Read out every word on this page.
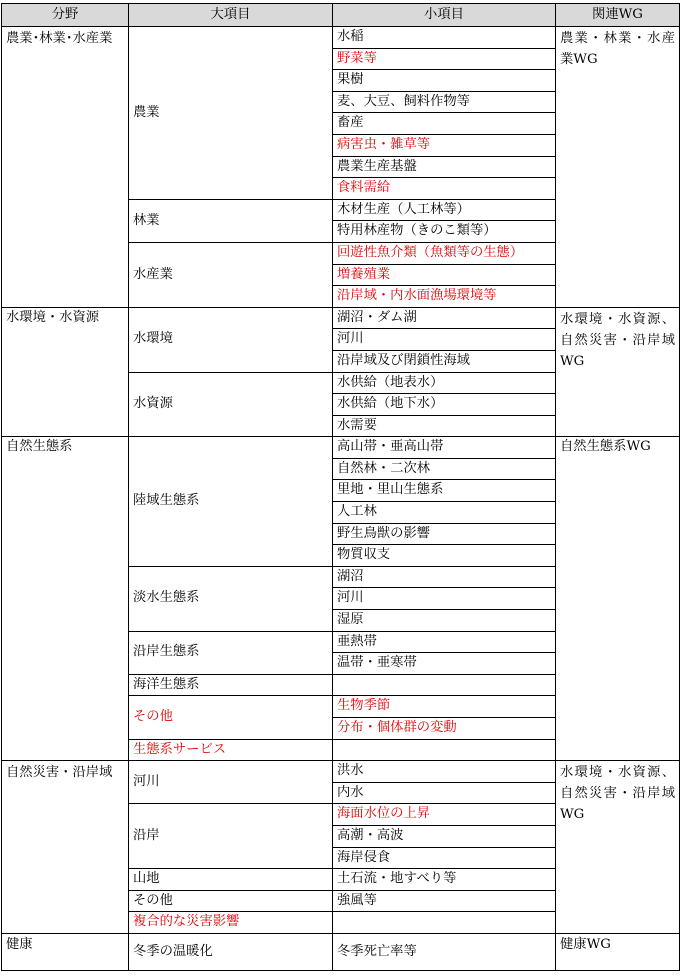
分野	大項目	小項目	関連WG
農業･林業･水産業	農業	水稲	農業・林業・水産業WG
		野菜等	
		果樹	
		麦、大豆、飼料作物等	
		畜産	
		病害虫・雑草等	
		農業生産基盤	
		食料需給	
	林業	木材生産（人工林等）	
		特用林産物（きのこ類等）	
	水産業	回遊性魚介類（魚類等の生態）	
		増養殖業	
		沿岸域・内水面漁場環境等	
水環境・水資源	水環境	湖沼・ダム湖	水環境・水資源、自然災害・沿岸域WG
		河川	
		沿岸域及び閉鎖性海域	
	水資源	水供給（地表水）	
		水供給（地下水）	
		水需要	
自然生態系	陸域生態系	高山帯・亜高山帯	自然生態系WG
		自然林・二次林	
		里地・里山生態系	
		人工林	
		野生鳥獣の影響	
		物質収支	
	淡水生態系	湖沼	
		河川	
		湿原	
	沿岸生態系	亜熱帯	
		温帯・亜寒帯	
	海洋生態系		
	その他	生物季節	
		分布・個体群の変動	
	生態系サービス		
自然災害・沿岸域	河川	洪水	水環境・水資源、自然災害・沿岸域WG
		内水	
	沿岸	海面水位の上昇	
		高潮・高波	
		海岸侵食	
	山地	土石流・地すべり等	
	その他	強風等	
	複合的な災害影響		
健康	冬季の温暖化	冬季死亡率等	健康WG
